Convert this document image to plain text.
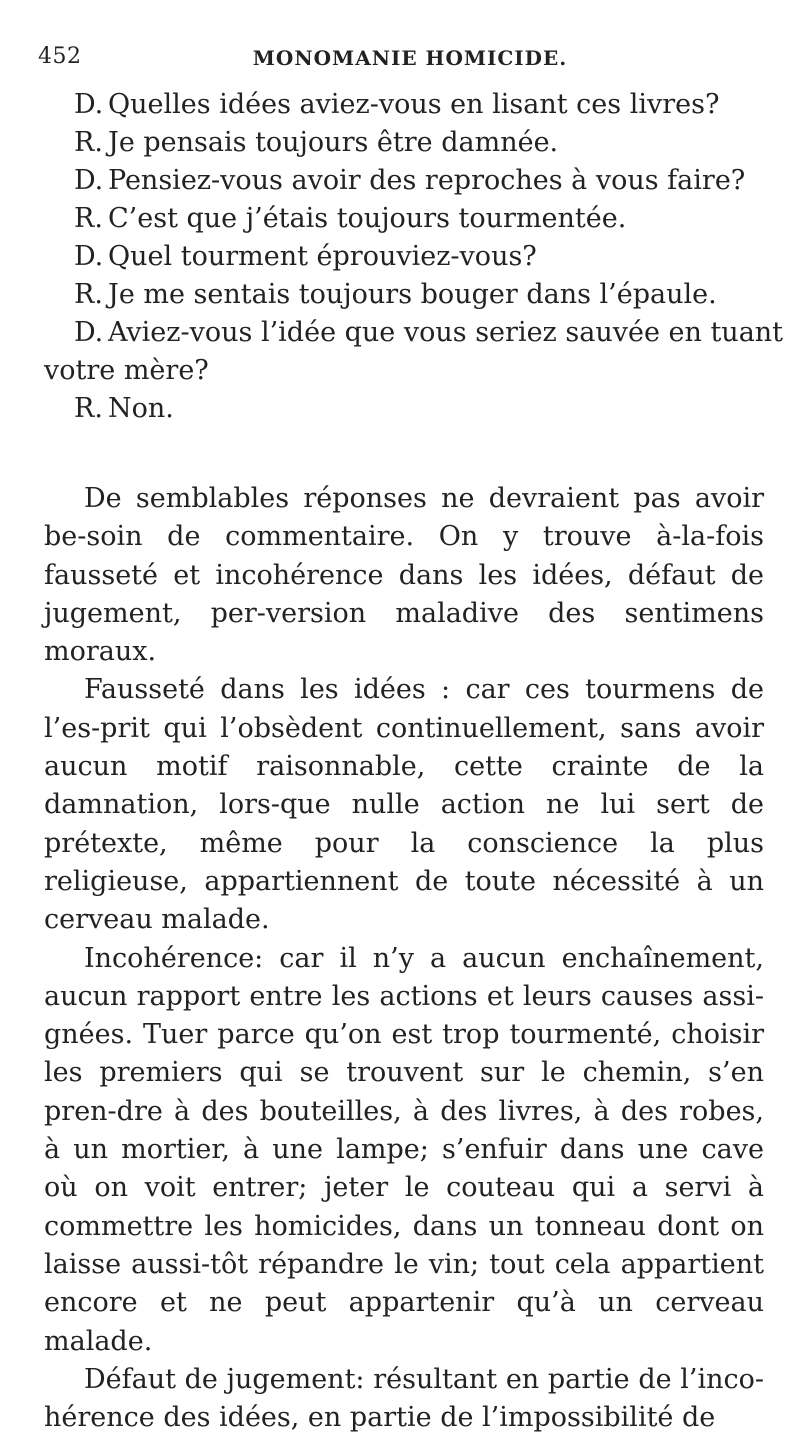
452	MONOMANIE HOMICIDE.
D. Quelles idées aviez-vous en lisant ces livres?
R. Je pensais toujours être damnée.
D. Pensiez-vous avoir des reproches à vous faire?
R. C’est que j’étais toujours tourmentée.
D. Quel tourment éprouviez-vous?
R. Je me sentais toujours bouger dans l’épaule.
D. Aviez-vous l’idée que vous seriez sauvée en tuant
votre mère?
R. Non.

De semblables réponses ne devraient pas avoir be-soin de commentaire. On y trouve à-la-fois fausseté et incohérence dans les idées, défaut de jugement, per-version maladive des sentimens moraux.

Fausseté dans les idées : car ces tourmens de l’es-prit qui l’obsèdent continuellement, sans avoir aucun motif raisonnable, cette crainte de la damnation, lors-que nulle action ne lui sert de prétexte, même pour la conscience la plus religieuse, appartiennent de toute nécessité à un cerveau malade.

Incohérence: car il n’y a aucun enchaînement, aucun rapport entre les actions et leurs causes assi-gnées. Tuer parce qu’on est trop tourmenté, choisir les premiers qui se trouvent sur le chemin, s’en pren-dre à des bouteilles, à des livres, à des robes, à un mortier, à une lampe; s’enfuir dans une cave où on voit entrer; jeter le couteau qui a servi à commettre les homicides, dans un tonneau dont on laisse aussi-tôt répandre le vin; tout cela appartient encore et ne peut appartenir qu’à un cerveau malade.

Défaut de jugement: résultant en partie de l’inco-hérence des idées, en partie de l’impossibilité de
